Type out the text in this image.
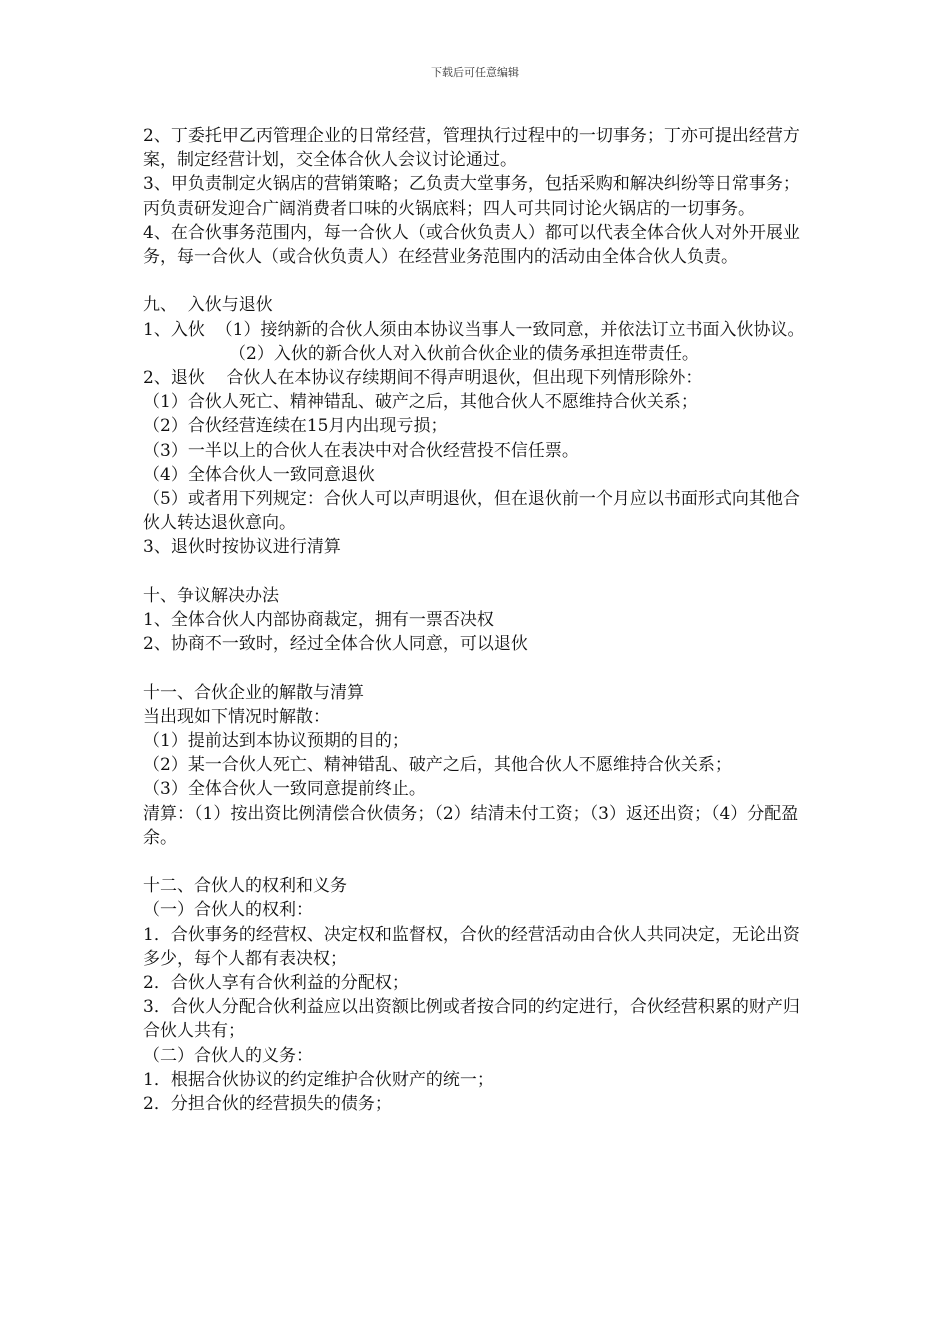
下载后可任意编辑

2、丁委托甲乙丙管理企业的日常经营，管理执行过程中的一切事务；丁亦可提出经营方案，制定经营计划，交全体合伙人会议讨论通过。

3、甲负责制定火锅店的营销策略；乙负责大堂事务，包括采购和解决纠纷等日常事务；丙负责研发迎合广阔消费者口味的火锅底料；四人可共同讨论火锅店的一切事务。

4、在合伙事务范围内，每一合伙人（或合伙负责人）都可以代表全体合伙人对外开展业务，每一合伙人（或合伙负责人）在经营业务范围内的活动由全体合伙人负责。

九、  入伙与退伙

1、入伙  （1）接纳新的合伙人须由本协议当事人一致同意，并依法订立书面入伙协议。

（2）入伙的新合伙人对入伙前合伙企业的债务承担连带责任。

2、退伙    合伙人在本协议存续期间不得声明退伙，但出现下列情形除外：

（1）合伙人死亡、精神错乱、破产之后，其他合伙人不愿维持合伙关系；

（2）合伙经营连续在15月内出现亏损；

（3）一半以上的合伙人在表决中对合伙经营投不信任票。

（4）全体合伙人一致同意退伙

（5）或者用下列规定：合伙人可以声明退伙，但在退伙前一个月应以书面形式向其他合伙人转达退伙意向。

3、退伙时按协议进行清算

十、争议解决办法

1、全体合伙人内部协商裁定，拥有一票否决权

2、协商不一致时，经过全体合伙人同意，可以退伙

十一、合伙企业的解散与清算

当出现如下情况时解散：

（1）提前达到本协议预期的目的；

（2）某一合伙人死亡、精神错乱、破产之后，其他合伙人不愿维持合伙关系；

（3）全体合伙人一致同意提前终止。

清算：（1）按出资比例清偿合伙债务；（2）结清未付工资；（3）返还出资；（4）分配盈余。

十二、合伙人的权利和义务

（一）合伙人的权利：

1．合伙事务的经营权、决定权和监督权，合伙的经营活动由合伙人共同决定，无论出资多少，每个人都有表决权；

2．合伙人享有合伙利益的分配权；

3．合伙人分配合伙利益应以出资额比例或者按合同的约定进行，合伙经营积累的财产归合伙人共有；

（二）合伙人的义务：

1．根据合伙协议的约定维护合伙财产的统一；

2．分担合伙的经营损失的债务；
